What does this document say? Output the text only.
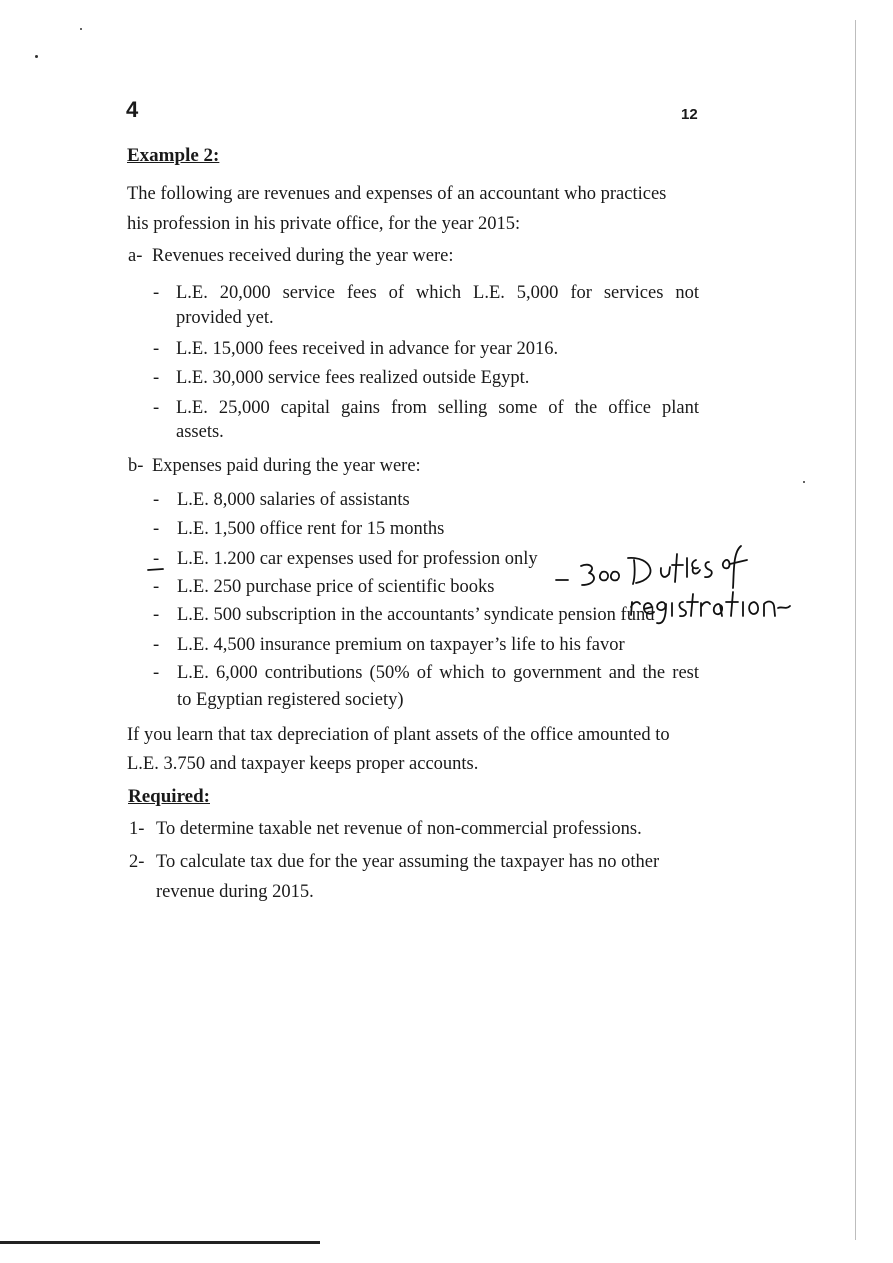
4	12
Example 2:
The following are revenues and expenses of an accountant who practices
his profession in his private office, for the year 2015:
a- Revenues received during the year were:
- L.E. 20,000 service fees of which L.E. 5,000 for services not
provided yet.
- L.E. 15,000 fees received in advance for year 2016.
- L.E. 30,000 service fees realized outside Egypt.
- L.E. 25,000 capital gains from selling some of the office plant
assets.
b- Expenses paid during the year were:
- L.E. 8,000 salaries of assistants
- L.E. 1,500 office rent for 15 months
- L.E. 1.200 car expenses used for profession only
- L.E. 250 purchase price of scientific books
- L.E. 500 subscription in the accountants’ syndicate pension fund
- L.E. 4,500 insurance premium on taxpayer’s life to his favor
- L.E. 6,000 contributions (50% of which to government and the rest
to Egyptian registered society)
If you learn that tax depreciation of plant assets of the office amounted to
L.E. 3.750 and taxpayer keeps proper accounts.
Required:
1- To determine taxable net revenue of non-commercial professions.
2- To calculate tax due for the year assuming the taxpayer has no other
revenue during 2015.
